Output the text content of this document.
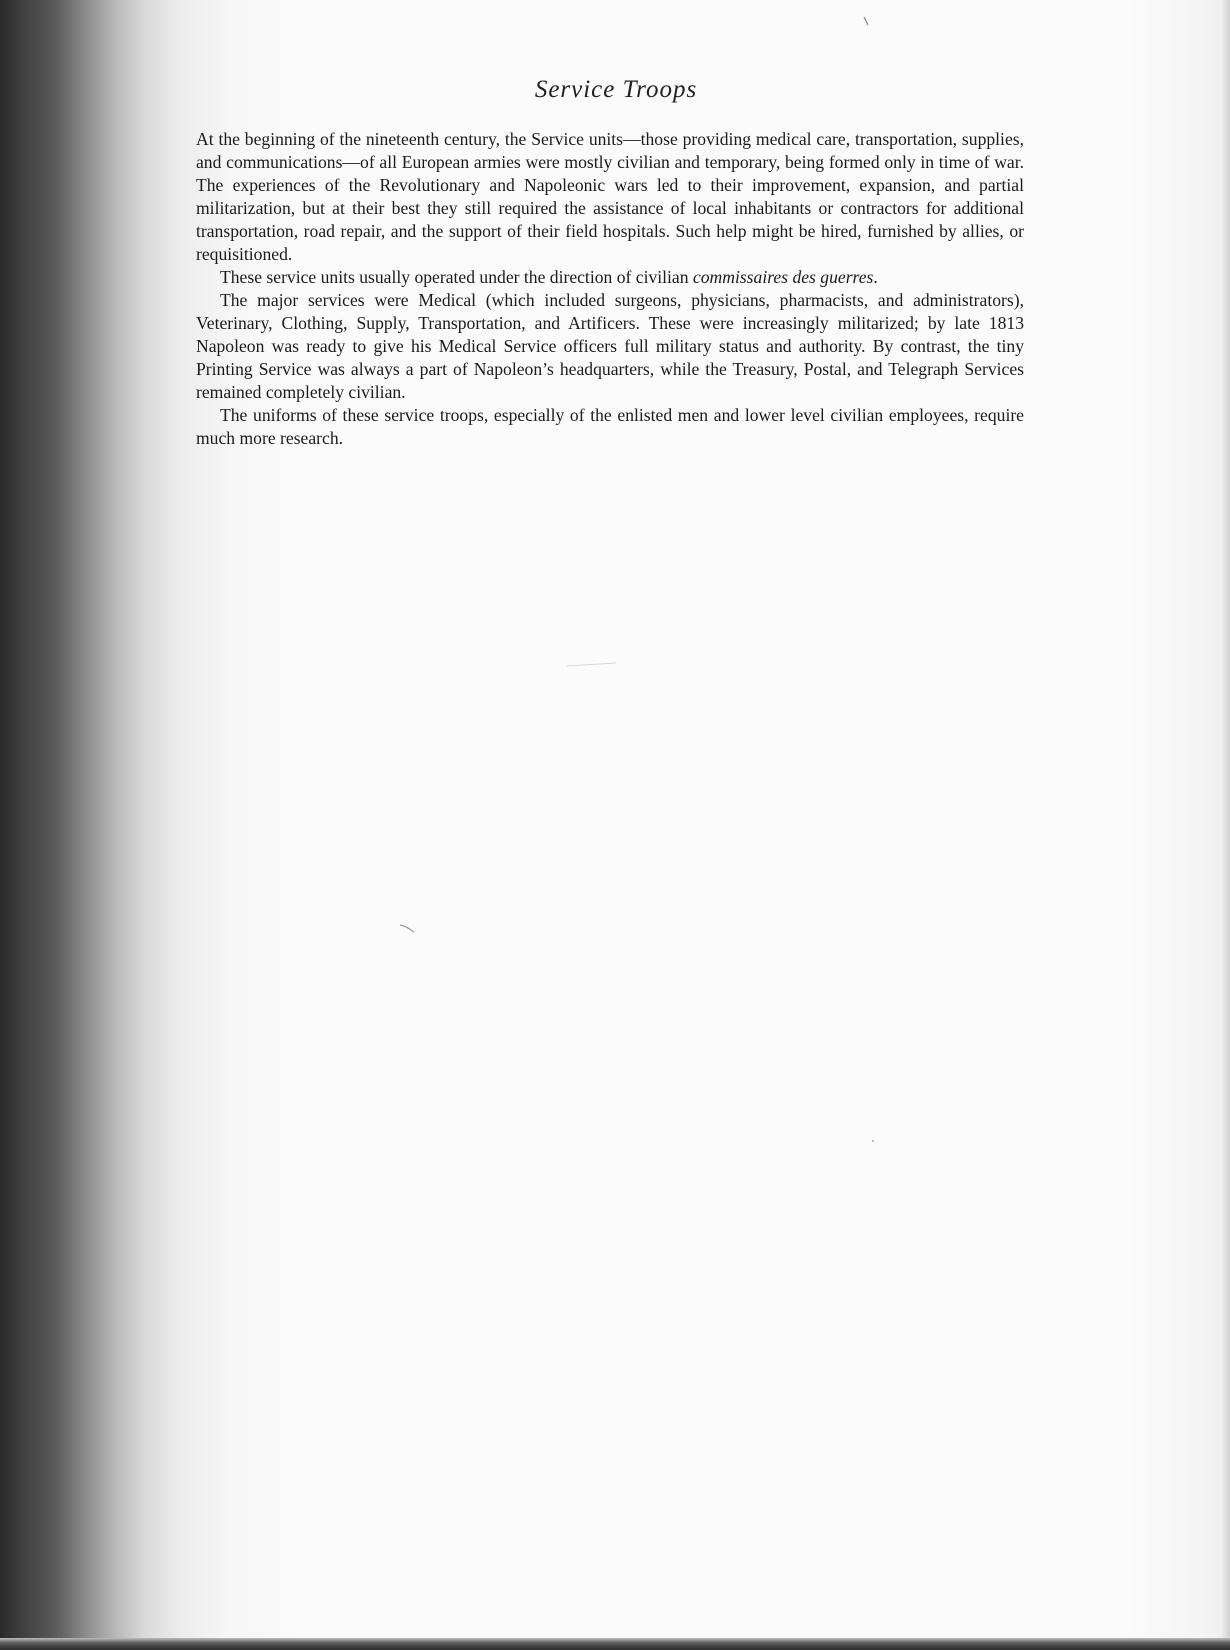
Service Troops

At the beginning of the nineteenth century, the Service units—those providing medical care, transportation, supplies, and communications—of all European armies were mostly civilian and temporary, being formed only in time of war. The experiences of the Revolutionary and Napoleonic wars led to their improvement, expansion, and partial militarization, but at their best they still required the assistance of local inhabitants or contractors for additional transportation, road repair, and the support of their field hospitals. Such help might be hired, furnished by allies, or requisitioned.

These service units usually operated under the direction of civilian commissaires des guerres.

The major services were Medical (which included surgeons, physicians, pharmacists, and administrators), Veterinary, Clothing, Supply, Transportation, and Artificers. These were increasingly militarized; by late 1813 Napoleon was ready to give his Medical Service officers full military status and authority. By contrast, the tiny Printing Service was always a part of Napoleon’s headquarters, while the Treasury, Postal, and Telegraph Services remained completely civilian.

The uniforms of these service troops, especially of the enlisted men and lower level civilian employees, require much more research.
